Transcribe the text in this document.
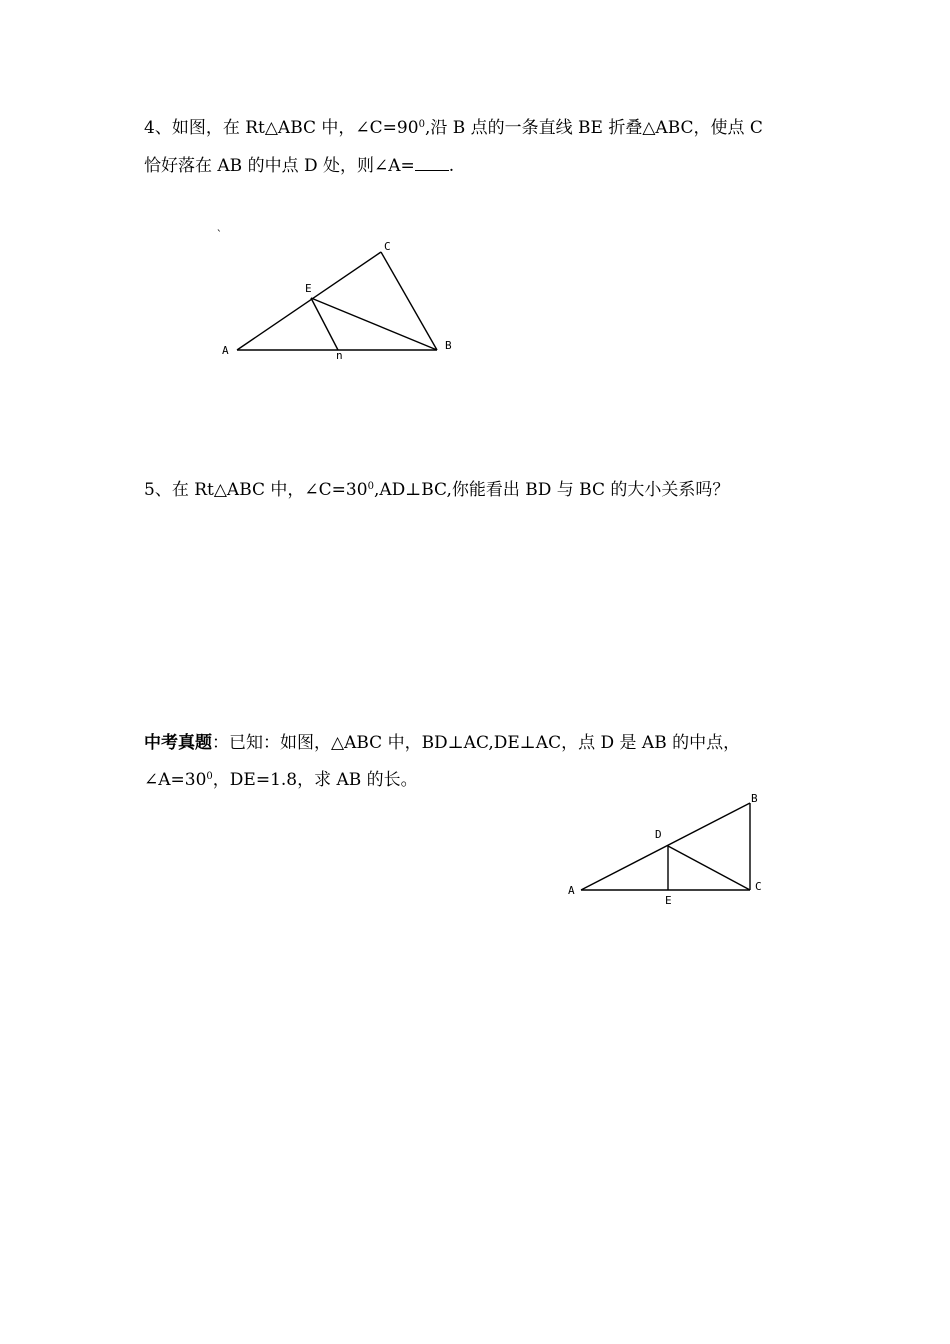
4、如图，在 Rt△ABC 中，$\angle C=90^0$,沿 B 点的一条直线 BE 折叠△ABC，使点 C
恰好落在 AB 的中点 D 处，则∠A= .
`
A	B
C
E
n
5、在 Rt△ABC 中，$\angle C=30^0,AD\perp BC$,你能看出 BD 与 BC 的大小关系吗？
中考真题：已知：如图，△ABC 中，BD⊥AC,DE⊥AC，点 D 是 AB 的中点，
$\angle A=30^0$，DE=1.8，求 AB 的长。
A
B
C
D
E
